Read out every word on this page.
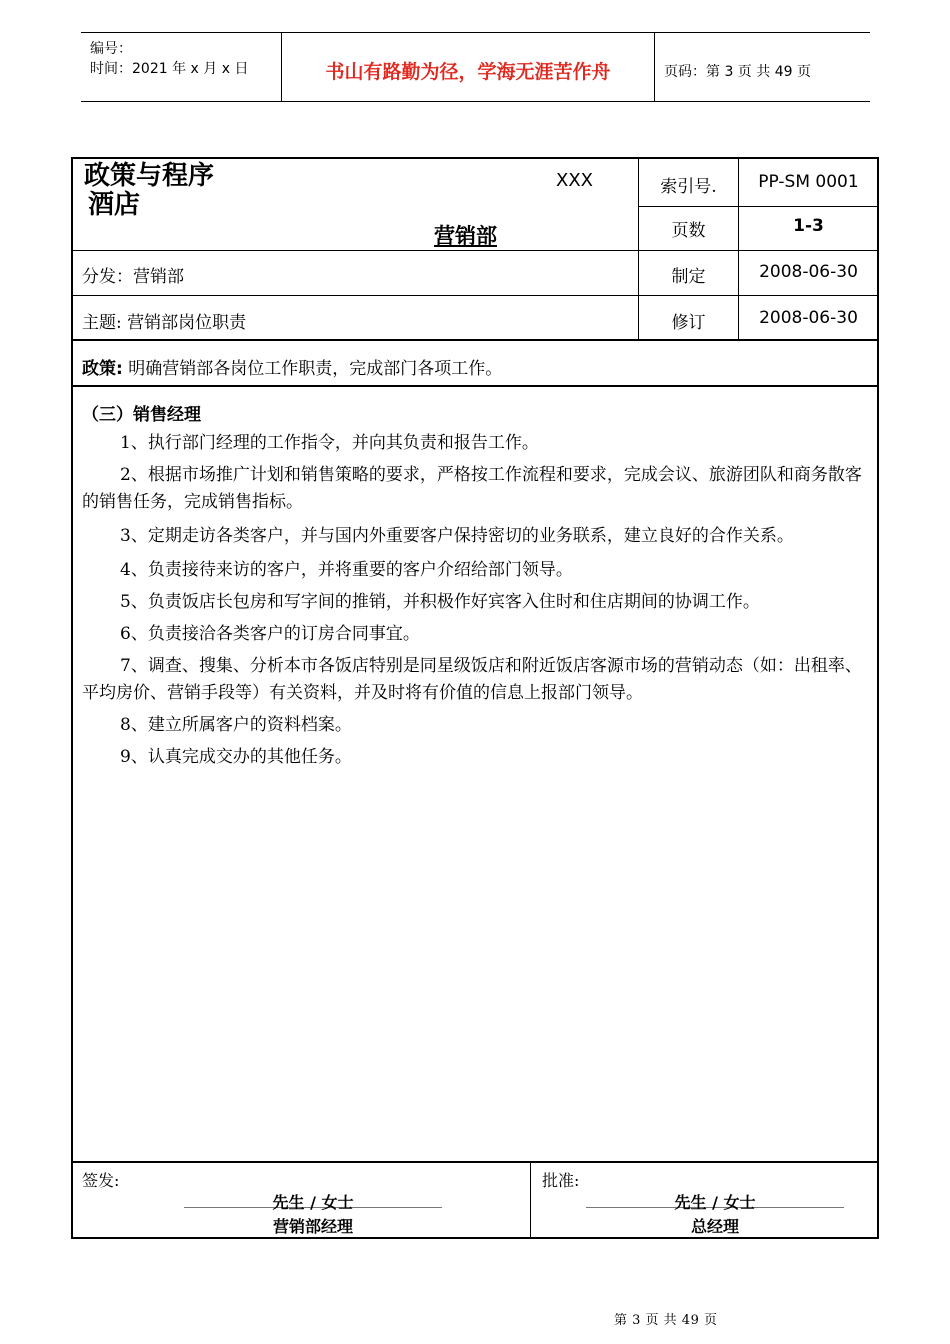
编号：
时间：2021 年 x 月 x 日	书山有路勤为径，学海无涯苦作舟	页码：第 3 页 共 49 页
政策与程序
酒店
XXX
营销部
索引号.	PP-SM 0001
页数	1-3
制定	2008-06-30
修订	2008-06-30
分发：营销部
主题: 营销部岗位职责
政策: 明确营销部各岗位工作职责，完成部门各项工作。
（三）销售经理

1、执行部门经理的工作指令，并向其负责和报告工作。

2、根据市场推广计划和销售策略的要求，严格按工作流程和要求，完成会议、旅游团队和商务散客的销售任务，完成销售指标。

3、定期走访各类客户，并与国内外重要客户保持密切的业务联系，建立良好的合作关系。

4、负责接待来访的客户，并将重要的客户介绍给部门领导。

5、负责饭店长包房和写字间的推销，并积极作好宾客入住时和住店期间的协调工作。

6、负责接洽各类客户的订房合同事宜。

7、调查、搜集、分析本市各饭店特别是同星级饭店和附近饭店客源市场的营销动态（如：出租率、平均房价、营销手段等）有关资料，并及时将有价值的信息上报部门领导。

8、建立所属客户的资料档案。

9、认真完成交办的其他任务。

签发:
先生 / 女士
营销部经理
批准:
先生 / 女士
总经理
第 3 页 共 49 页
